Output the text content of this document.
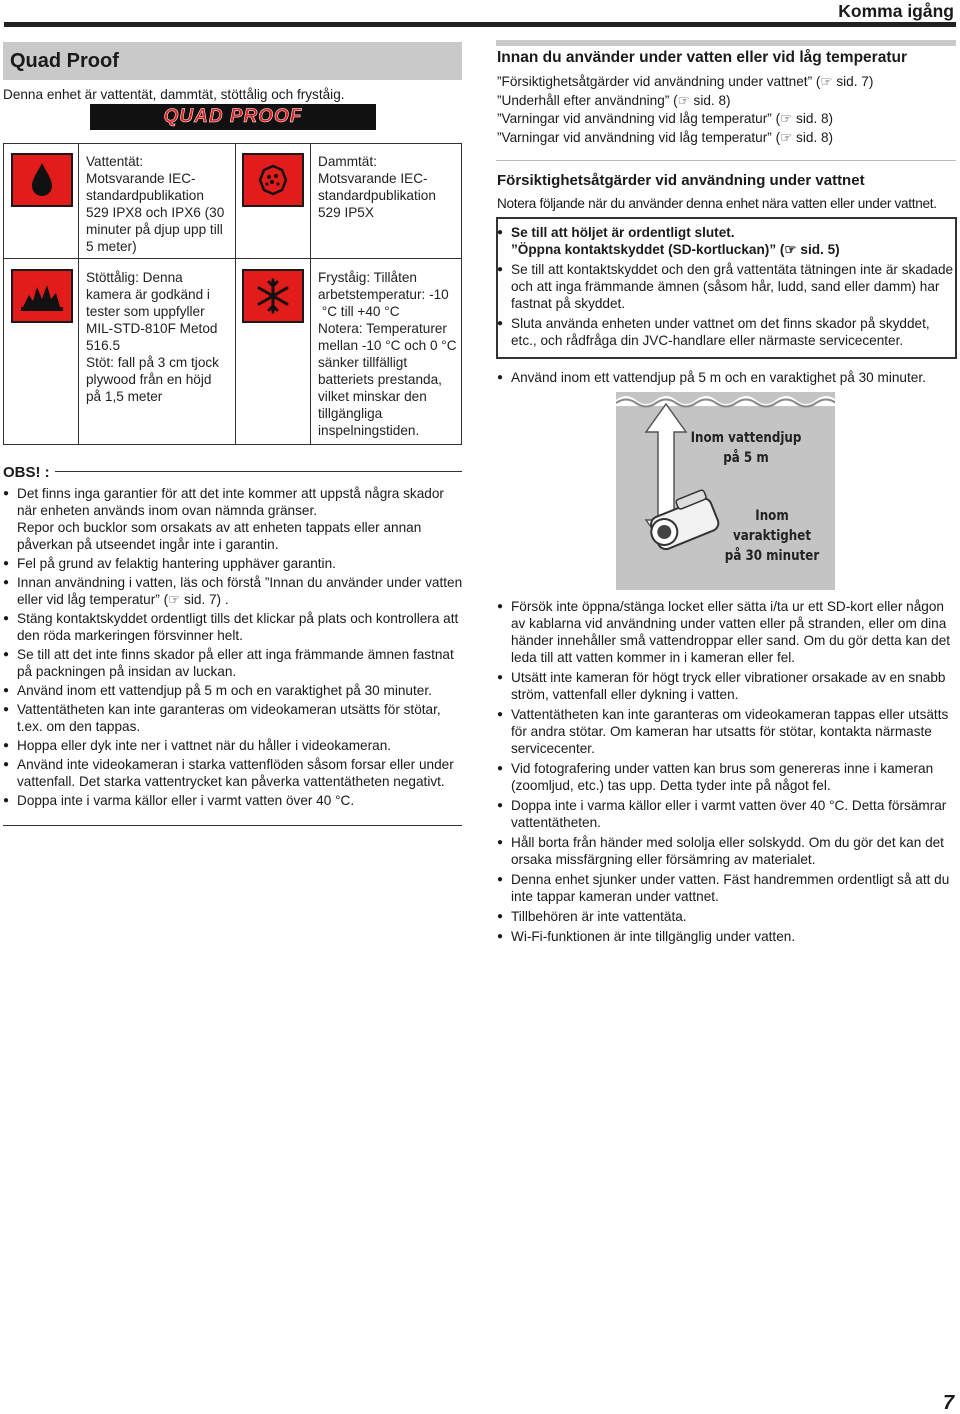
Komma igång
Quad Proof
Denna enhet är vattentät, dammtät, stöttålig och fryståig.
QUAD PROOF
Vattentät:
Motsvarande IEC-
standardpublikation
529 IPX8 och IPX6 (30
minuter på djup upp till
5 meter)
Dammtät:
Motsvarande IEC-
standardpublikation
529 IP5X
Stöttålig: Denna
kamera är godkänd i
tester som uppfyller
MIL-STD-810F Metod
516.5
Stöt: fall på 3 cm tjock
plywood från en höjd
på 1,5 meter
Fryståig: Tillåten
arbetstemperatur: -10
°C till +40 °C
Notera: Temperaturer
mellan -10 °C och 0 °C
sänker tillfälligt
batteriets prestanda,
vilket minskar den
tillgängliga
inspelningstiden.
OBS! :
● Det finns inga garantier för att det inte kommer att uppstå några skador när enheten används inom ovan nämnda gränser.
Repor och bucklor som orsakats av att enheten tappats eller annan påverkan på utseendet ingår inte i garantin.
● Fel på grund av felaktig hantering upphäver garantin.
● Innan användning i vatten, läs och förstå ”Innan du använder under vatten eller vid låg temperatur” (☞ sid. 7) .
● Stäng kontaktskyddet ordentligt tills det klickar på plats och kontrollera att den röda markeringen försvinner helt.
● Se till att det inte finns skador på eller att inga främmande ämnen fastnat på packningen på insidan av luckan.
● Använd inom ett vattendjup på 5 m och en varaktighet på 30 minuter.
● Vattentätheten kan inte garanteras om videokameran utsätts för stötar, t.ex. om den tappas.
● Hoppa eller dyk inte ner i vattnet när du håller i videokameran.
● Använd inte videokameran i starka vattenflöden såsom forsar eller under vattenfall. Det starka vattentrycket kan påverka vattentätheten negativt.
● Doppa inte i varma källor eller i varmt vatten över 40 °C.
Innan du använder under vatten eller vid låg temperatur
”Försiktighetsåtgärder vid användning under vattnet” (☞ sid. 7)
”Underhåll efter användning” (☞ sid. 8)
”Varningar vid användning vid låg temperatur” (☞ sid. 8)
”Varningar vid användning vid låg temperatur” (☞ sid. 8)
Försiktighetsåtgärder vid användning under vattnet
Notera följande när du använder denna enhet nära vatten eller under vattnet.
● Se till att höljet är ordentligt slutet.
”Öppna kontaktskyddet (SD-kortluckan)” (☞ sid. 5)
● Se till att kontaktskyddet och den grå vattentäta tätningen inte är skadade och att inga främmande ämnen (såsom hår, ludd, sand eller damm) har fastnat på skyddet.
● Sluta använda enheten under vattnet om det finns skador på skyddet, etc., och rådfråga din JVC-handlare eller närmaste servicecenter.
● Använd inom ett vattendjup på 5 m och en varaktighet på 30 minuter.
Inom vattendjup
på 5 m
Inom varaktighet
på 30 minuter
● Försök inte öppna/stänga locket eller sätta i/ta ur ett SD-kort eller någon av kablarna vid användning under vatten eller på stranden, eller om dina händer innehåller små vattendroppar eller sand. Om du gör detta kan det leda till att vatten kommer in i kameran eller fel.
● Utsätt inte kameran för högt tryck eller vibrationer orsakade av en snabb ström, vattenfall eller dykning i vatten.
● Vattentätheten kan inte garanteras om videokameran tappas eller utsätts för andra stötar. Om kameran har utsatts för stötar, kontakta närmaste servicecenter.
● Vid fotografering under vatten kan brus som genereras inne i kameran (zoomljud, etc.) tas upp. Detta tyder inte på något fel.
● Doppa inte i varma källor eller i varmt vatten över 40 °C. Detta försämrar vattentätheten.
● Håll borta från händer med sololja eller solskydd. Om du gör det kan det orsaka missfärgning eller försämring av materialet.
● Denna enhet sjunker under vatten. Fäst handremmen ordentligt så att du inte tappar kameran under vattnet.
● Tillbehören är inte vattentäta.
● Wi-Fi-funktionen är inte tillgänglig under vatten.
7
